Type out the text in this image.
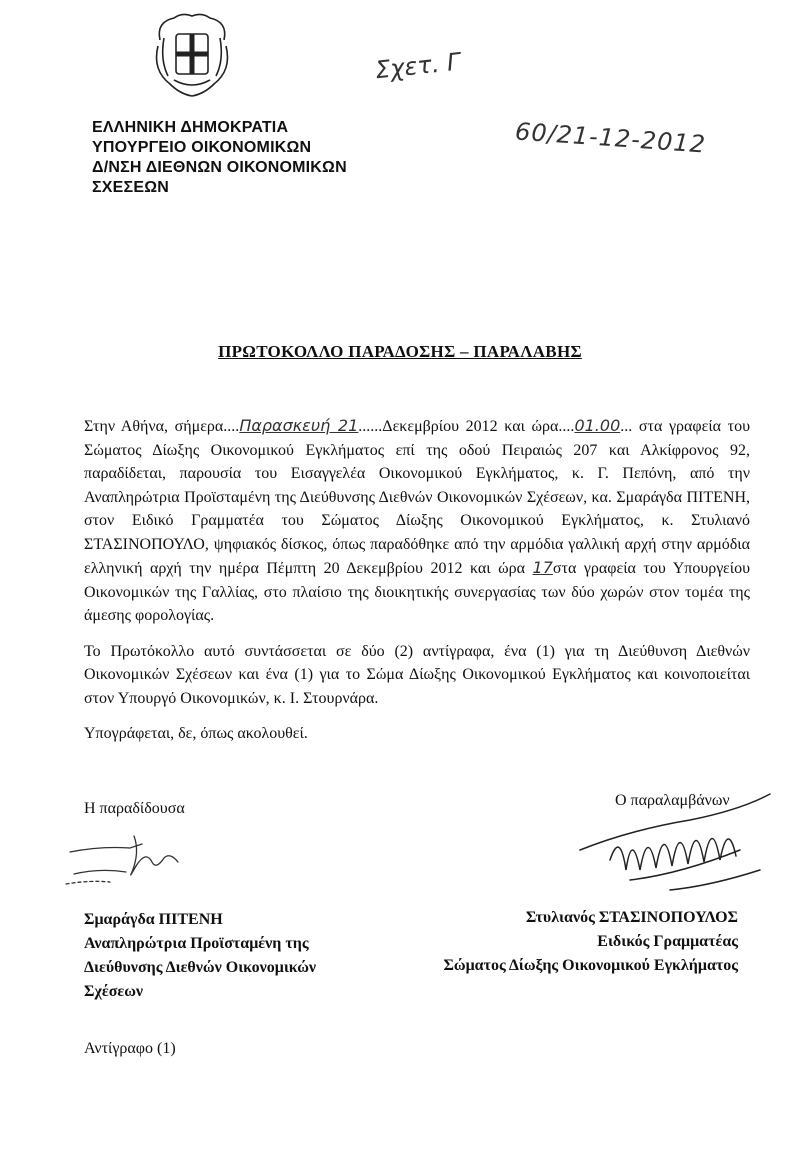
Σχετ. Γ
60/21-12-2012
ΕΛΛΗΝΙΚΗ ΔΗΜΟΚΡΑΤΙΑ
ΥΠΟΥΡΓΕΙΟ ΟΙΚΟΝΟΜΙΚΩΝ
Δ/ΝΣΗ ΔΙΕΘΝΩΝ ΟΙΚΟΝΟΜΙΚΩΝ
ΣΧΕΣΕΩΝ
ΠΡΩΤΟΚΟΛΛΟ ΠΑΡΑΔΟΣΗΣ – ΠΑΡΑΛΑΒΗΣ

Στην Αθήνα, σήμερα....Παρασκευή 21......Δεκεμβρίου 2012 και ώρα....01.00... στα γραφεία του Σώματος Δίωξης Οικονομικού Εγκλήματος επί της οδού Πειραιώς 207 και Αλκίφρονος 92, παραδίδεται, παρουσία του Εισαγγελέα Οικονομικού Εγκλήματος, κ. Γ. Πεπόνη, από την Αναπληρώτρια Προϊσταμένη της Διεύθυνσης Διεθνών Οικονομικών Σχέσεων, κα. Σμαράγδα ΠΙΤΕΝΗ, στον Ειδικό Γραμματέα του Σώματος Δίωξης Οικονομικού Εγκλήματος, κ. Στυλιανό ΣΤΑΣΙΝΟΠΟΥΛΟ, ψηφιακός δίσκος, όπως παραδόθηκε από την αρμόδια γαλλική αρχή στην αρμόδια ελληνική αρχή την ημέρα Πέμπτη 20 Δεκεμβρίου 2012 και ώρα 17στα γραφεία του Υπουργείου Οικονομικών της Γαλλίας, στο πλαίσιο της διοικητικής συνεργασίας των δύο χωρών στον τομέα της άμεσης φορολογίας.

Το Πρωτόκολλο αυτό συντάσσεται σε δύο (2) αντίγραφα, ένα (1) για τη Διεύθυνση Διεθνών Οικονομικών Σχέσεων και ένα (1) για το Σώμα Δίωξης Οικονομικού Εγκλήματος και κοινοποιείται στον Υπουργό Οικονομικών, κ. Ι. Στουρνάρα.

Υπογράφεται, δε, όπως ακολουθεί.

Η παραδίδουσα	Ο παραλαμβάνων
Σμαράγδα ΠΙΤΕΝΗ
Αναπληρώτρια Προϊσταμένη της
Διεύθυνσης Διεθνών Οικονομικών
Σχέσεων
Στυλιανός ΣΤΑΣΙΝΟΠΟΥΛΟΣ
Ειδικός Γραμματέας
Σώματος Δίωξης Οικονομικού Εγκλήματος
Αντίγραφο (1)
